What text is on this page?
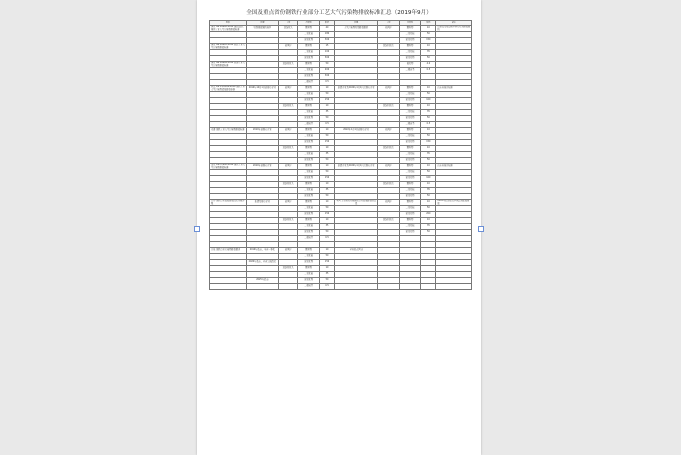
全国及重点省份钢铁行业部分工艺大气污染物排放标准汇总（2019年9月）
标准	区域	工序	污染物	限值	区域	工序	污染物	限值	备注
国家 GB 28662-2012 钢铁烧结、球团工业大气污染物排放标准	特别排放限值地区	烧结机头	颗粒物	40	大气污染物特别排放限值	热风炉	颗粒物	10	京津冀及周边地区执行特别排放限值
			二氧化硫	180			二氧化硫	50	
			氮氧化物	300			氮氧化物	150	
国家 GB 28663-2012 炼铁工业大气污染物排放标准		热风炉	颗粒物	15		烧结机机头	颗粒物	10	
			二氧化硫	100			二氧化硫	35	
			氮氧化物	300			氮氧化物	50	
国家 GB 28664-2012 炼钢工业大气污染物排放标准		烧结机机头	颗粒物	50			氟化物	4.0	
			二氧化硫	200			二噁英类	0.5	
			氮氧化物	300					
			二噁英类	0.5					
河北 DB 13/2169-2018 钢铁工业大气污染物超低排放标准	2019年10月1日起现有企业	热风炉	颗粒物	10	新建企业及2020年1月1日后现有企业	热风炉	颗粒物	10	山东省地方标准
			二氧化硫	50			二氧化硫	50	
			氮氧化物	150			氮氧化物	100	
		烧结机机头	颗粒物	10		烧结机机头	颗粒物	10	
			二氧化硫	35			二氧化硫	35	
			氮氧化物	50			氮氧化物	50	
			二噁英类	0.5			二噁英类	0.5	
天津 钢铁工业大气污染物排放标准	2019年起现有企业	热风炉	颗粒物	10	2022年1月1日起现有企业	热风炉	颗粒物	10	
			二氧化硫	50			二氧化硫	50	
			氮氧化物	150			氮氧化物	150	
		烧结机机头	颗粒物	10		烧结机机头	颗粒物	10	
			二氧化硫	35			二氧化硫	35	
			氮氧化物	50			氮氧化物	50	
山东 DB37/990-2019 钢铁工业大气污染物排放标准	2019年起现有企业	热风炉	颗粒物	10	新建企业及2020年1月1日后现有企业	热风炉	颗粒物	10	山东省地方标准
			二氧化硫	50			二氧化硫	50	
			氮氧化物	150			氮氧化物	100	
		烧结机机头	颗粒物	10		烧结机机头	颗粒物	10	
			二氧化硫	35			二氧化硫	35	
			氮氧化物	50			氮氧化物	50	
江苏 钢铁行业超低排放改造实施方案	新建及现有企业	热风炉	颗粒物	10	全国 关于推进实施钢铁行业超低排放的意见	热风炉	颗粒物	10	2020年底前重点区域达到超低排放
			二氧化硫	50			二氧化硫	50	
			氮氧化物	150			氮氧化物	200	
		烧结机机头	颗粒物	10		烧结机机头	颗粒物	10	
			二氧化硫	35			二氧化硫	35	
			氮氧化物	50			氮氧化物	50	
			二噁英类	0.5					

其他 钢铁行业污染物排放要求	2019年底前，全省一体化	热风炉	颗粒物	10	全省重点区域				
			二氧化硫	50					
	2020年底前，全省完成改造		氮氧化物	150					
		烧结机机头	颗粒物	10					
			二氧化硫	35					
	2025年底前		氮氧化物	50					
			二噁英类	0.5					
